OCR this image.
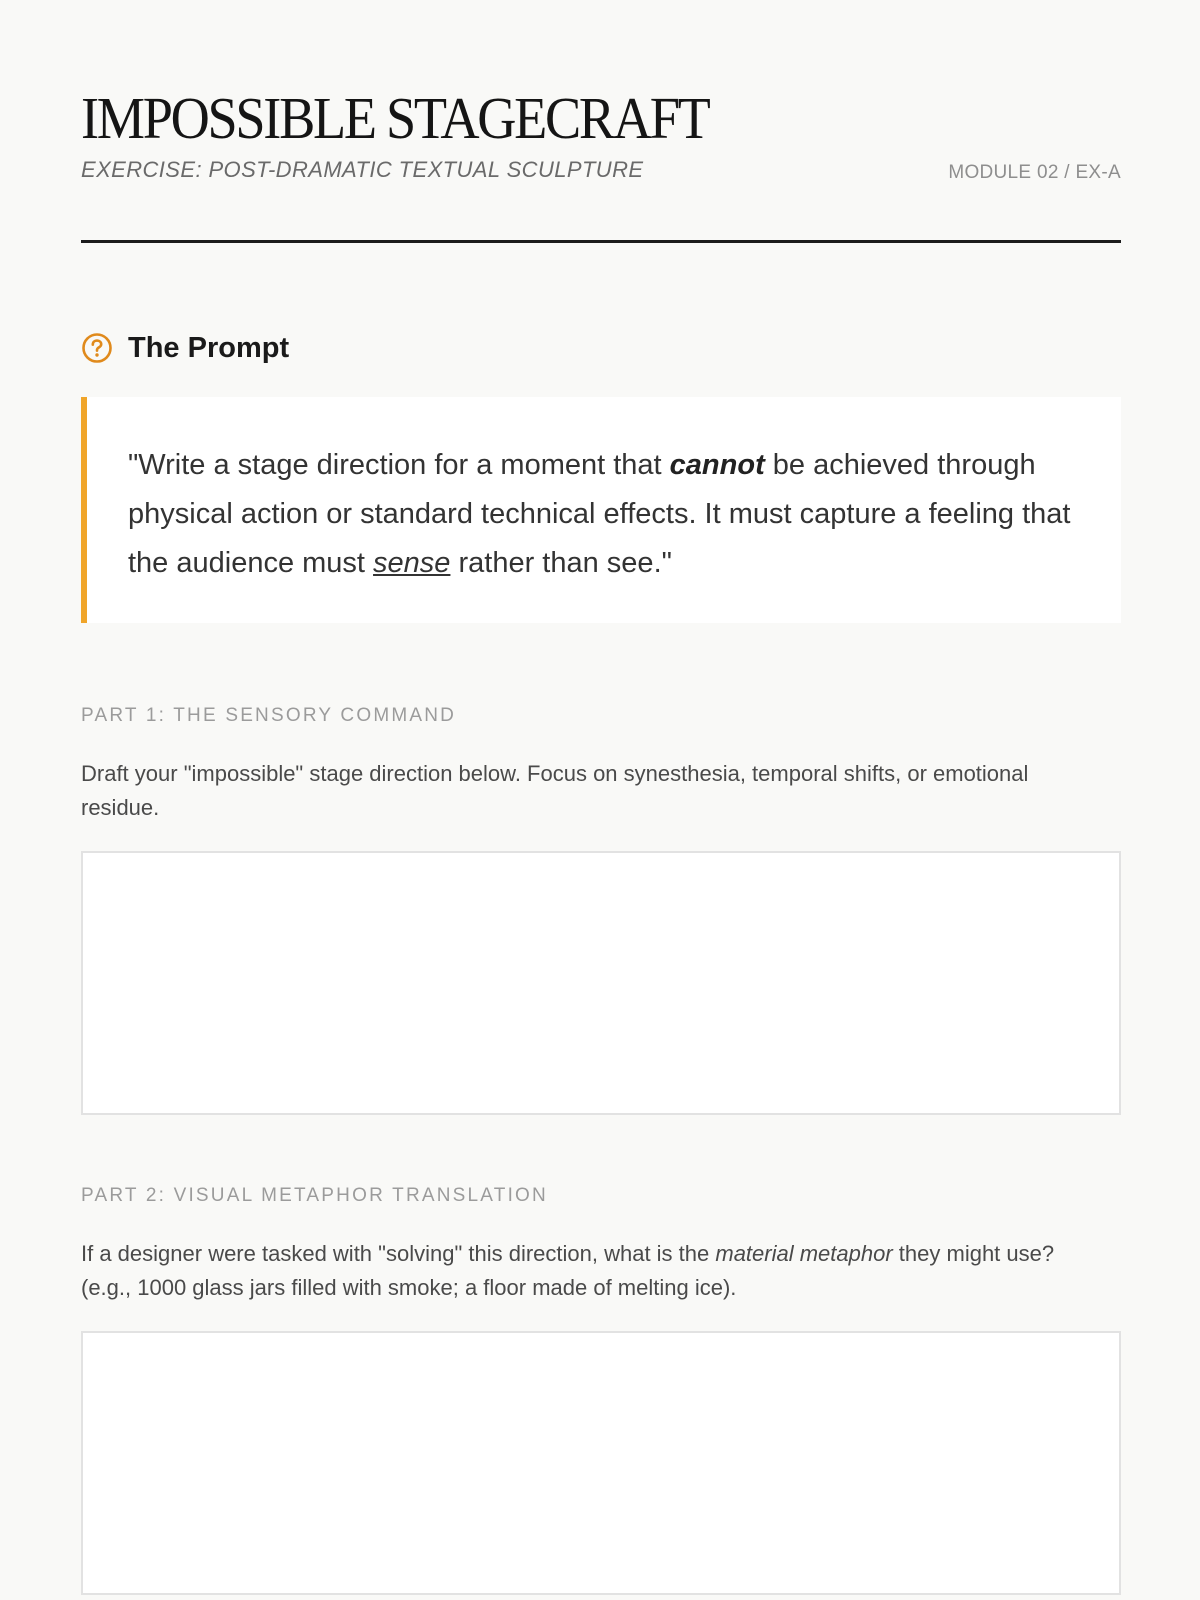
IMPOSSIBLE STAGECRAFT
EXERCISE: POST-DRAMATIC TEXTUAL SCULPTURE	MODULE 02 / EX-A
The Prompt

"Write a stage direction for a moment that cannot be achieved through physical action or standard technical effects. It must capture a feeling that the audience must sense rather than see."

PART 1: THE SENSORY COMMAND

Draft your "impossible" stage direction below. Focus on synesthesia, temporal shifts, or emotional residue.

PART 2: VISUAL METAPHOR TRANSLATION

If a designer were tasked with "solving" this direction, what is the material metaphor they might use? (e.g., 1000 glass jars filled with smoke; a floor made of melting ice).
